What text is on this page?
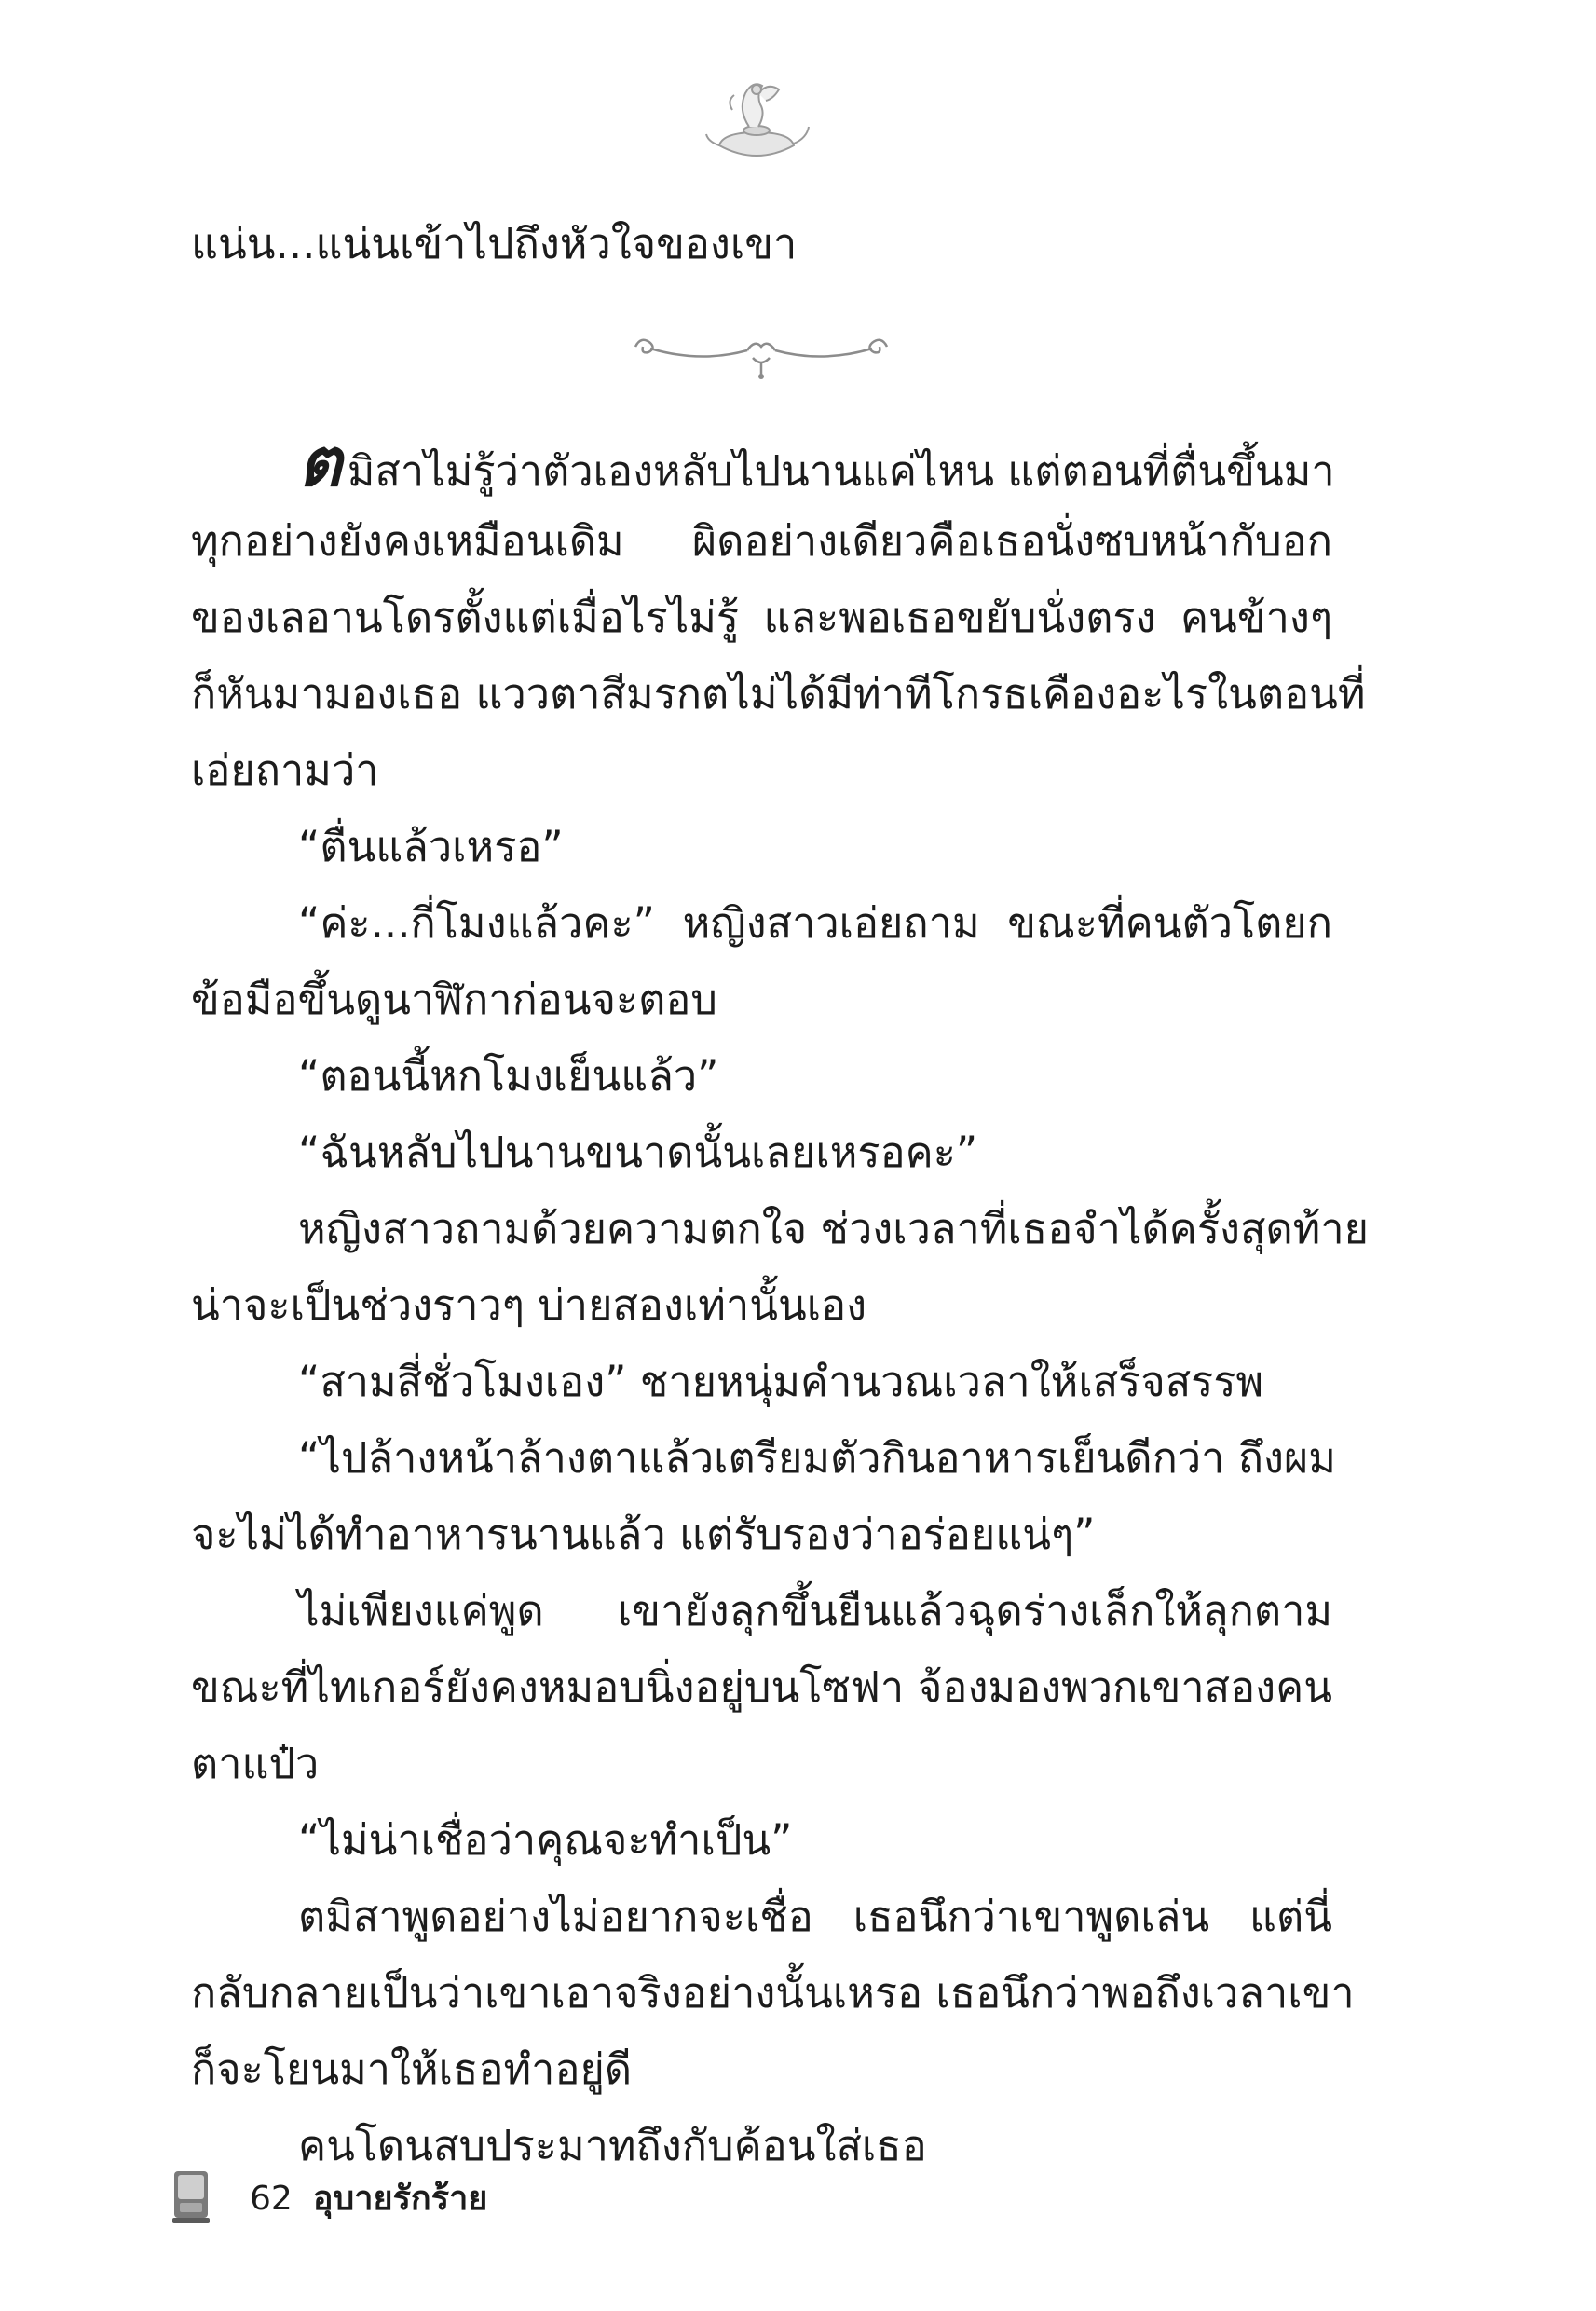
แน่น...แน่นเข้าไปถึงหัวใจของเขา
ตมิสาไม่รู้ว่าตัวเองหลับไปนานแค่ไหน แต่ตอนที่ตื่นขึ้นมา
ทุกอย่างยังคงเหมือนเดิม ผิดอย่างเดียวคือเธอนั่งซบหน้ากับอก
ของเลอานโดรตั้งแต่เมื่อไรไม่รู้ และพอเธอขยับนั่งตรง คนข้างๆ
ก็หันมามองเธอ แววตาสีมรกตไม่ได้มีท่าทีโกรธเคืองอะไรในตอนที่
เอ่ยถามว่า
“ตื่นแล้วเหรอ”
“ค่ะ...กี่โมงแล้วคะ” หญิงสาวเอ่ยถาม ขณะที่คนตัวโตยก
ข้อมือขึ้นดูนาฬิกาก่อนจะตอบ
“ตอนนี้หกโมงเย็นแล้ว”
“ฉันหลับไปนานขนาดนั้นเลยเหรอคะ”
หญิงสาวถามด้วยความตกใจ ช่วงเวลาที่เธอจำได้ครั้งสุดท้าย
น่าจะเป็นช่วงราวๆ บ่ายสองเท่านั้นเอง
“สามสี่ชั่วโมงเอง” ชายหนุ่มคำนวณเวลาให้เสร็จสรรพ
“ไปล้างหน้าล้างตาแล้วเตรียมตัวกินอาหารเย็นดีกว่า ถึงผม
จะไม่ได้ทำอาหารนานแล้ว แต่รับรองว่าอร่อยแน่ๆ”
ไม่เพียงแค่พูด เขายังลุกขึ้นยืนแล้วฉุดร่างเล็กให้ลุกตาม
ขณะที่ไทเกอร์ยังคงหมอบนิ่งอยู่บนโซฟา จ้องมองพวกเขาสองคน
ตาแป๋ว
“ไม่น่าเชื่อว่าคุณจะทำเป็น”
ตมิสาพูดอย่างไม่อยากจะเชื่อ เธอนึกว่าเขาพูดเล่น แต่นี่
กลับกลายเป็นว่าเขาเอาจริงอย่างนั้นเหรอ เธอนึกว่าพอถึงเวลาเขา
ก็จะโยนมาให้เธอทำอยู่ดี
คนโดนสบประมาทถึงกับค้อนใส่เธอ
62 อุบายรักร้าย
